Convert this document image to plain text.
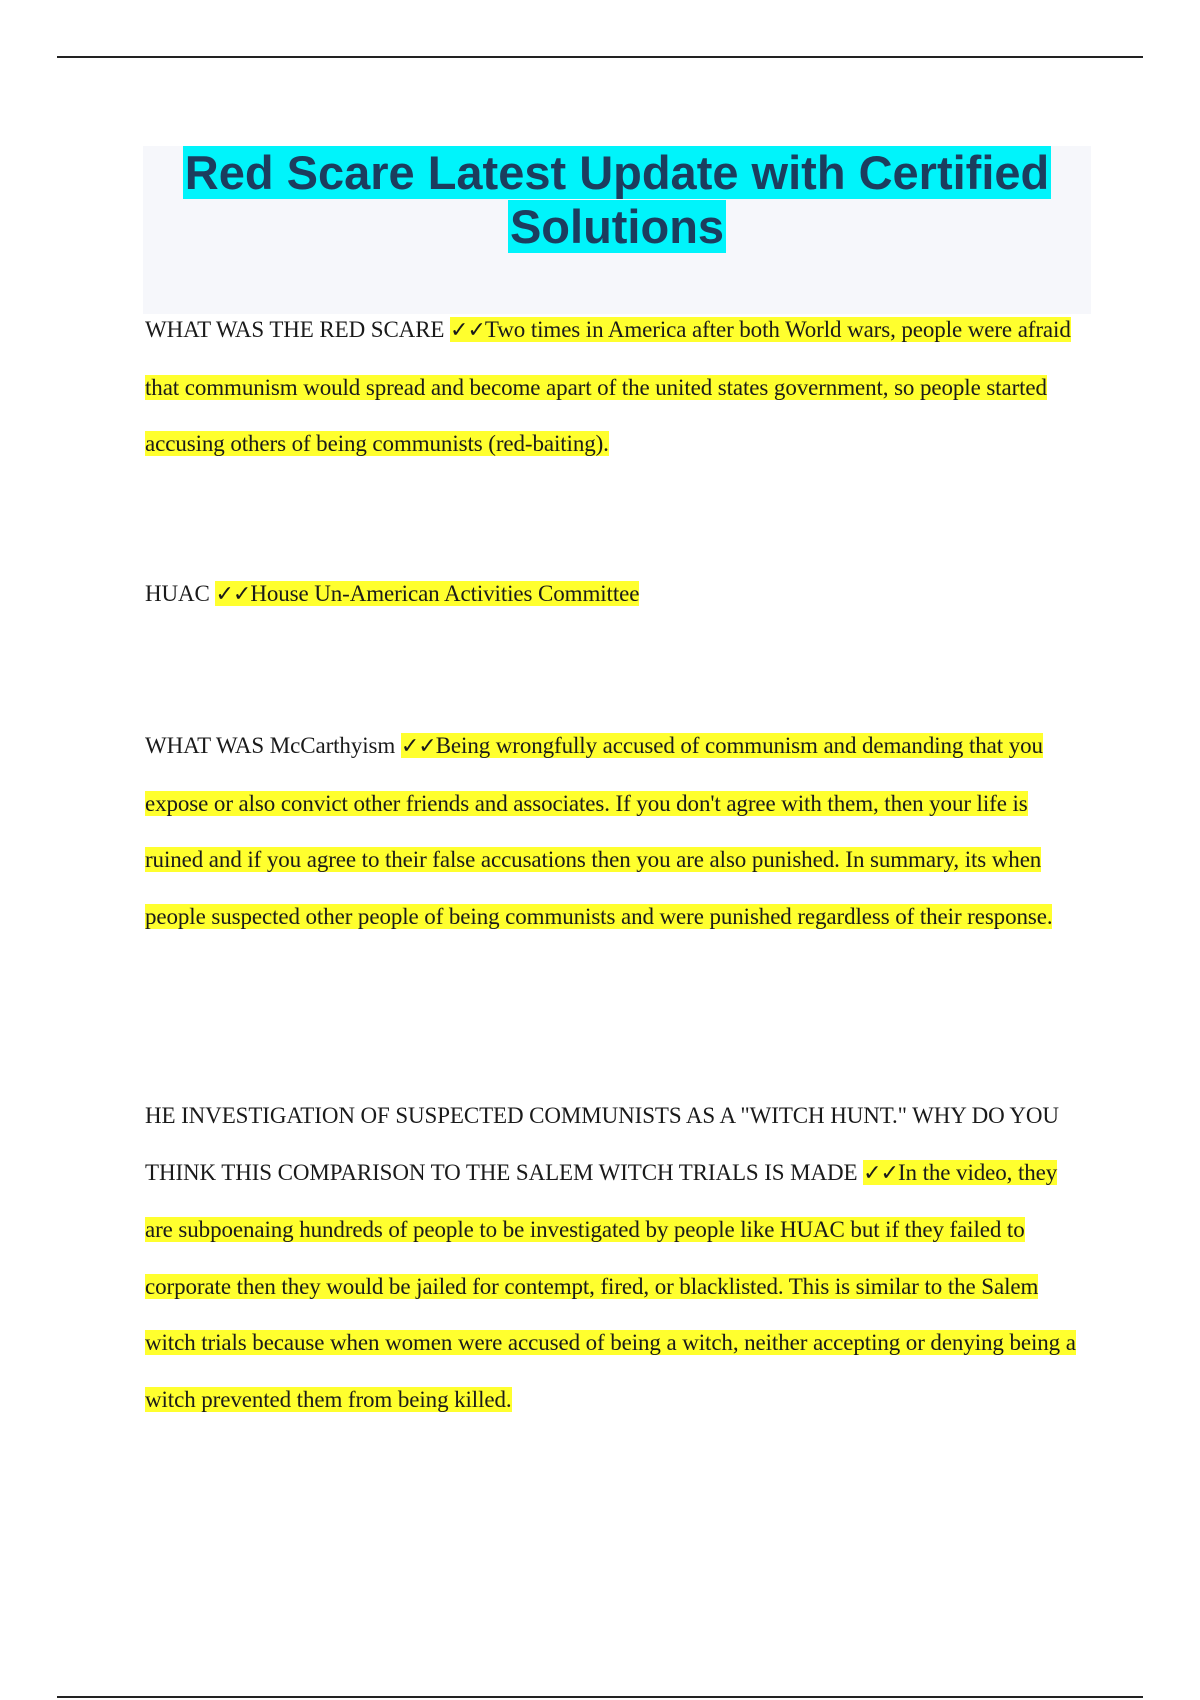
Red Scare Latest Update with Certified Solutions

WHAT WAS THE RED SCARE ✓✓Two times in America after both World wars, people were afraid that communism would spread and become apart of the united states government, so people started accusing others of being communists (red-baiting).

HUAC ✓✓House Un-American Activities Committee

WHAT WAS McCarthyism ✓✓Being wrongfully accused of communism and demanding that you expose or also convict other friends and associates. If you don't agree with them, then your life is ruined and if you agree to their false accusations then you are also punished. In summary, its when people suspected other people of being communists and were punished regardless of their response.

HE INVESTIGATION OF SUSPECTED COMMUNISTS AS A "WITCH HUNT." WHY DO YOU THINK THIS COMPARISON TO THE SALEM WITCH TRIALS IS MADE ✓✓In the video, they are subpoenaing hundreds of people to be investigated by people like HUAC but if they failed to corporate then they would be jailed for contempt, fired, or blacklisted. This is similar to the Salem witch trials because when women were accused of being a witch, neither accepting or denying being a witch prevented them from being killed.
